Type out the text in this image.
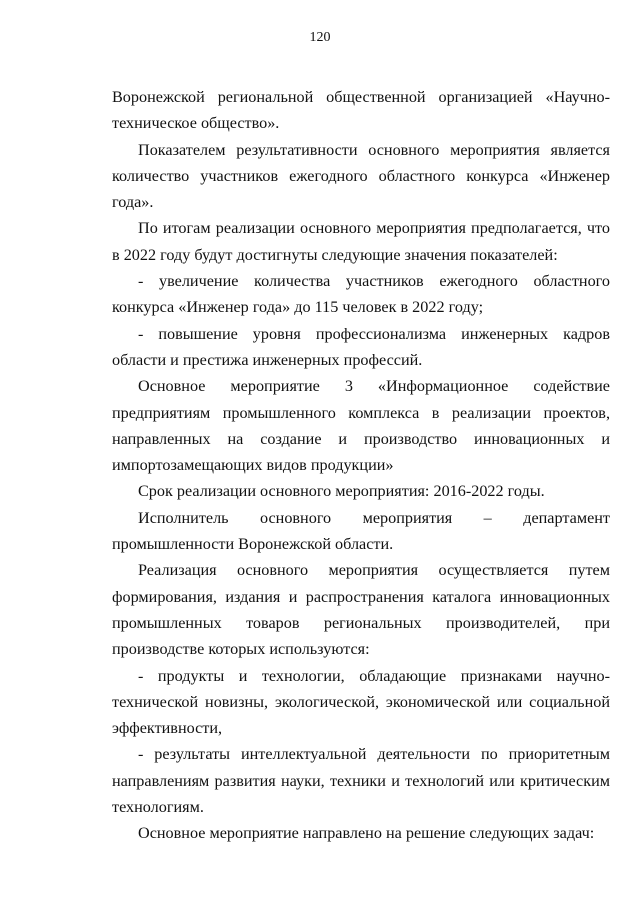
120

Воронежской региональной общественной организацией «Научно-техническое общество».

Показателем результативности основного мероприятия является количество участников ежегодного областного конкурса «Инженер года».

По итогам реализации основного мероприятия предполагается, что в 2022 году будут достигнуты следующие значения показателей:

- увеличение количества участников ежегодного областного конкурса «Инженер года» до 115 человек в 2022 году;

- повышение уровня профессионализма инженерных кадров области и престижа инженерных профессий.

Основное мероприятие 3 «Информационное содействие предприятиям промышленного комплекса в реализации проектов, направленных на создание и производство инновационных и импортозамещающих видов продукции»

Срок реализации основного мероприятия: 2016-2022 годы.

Исполнитель основного мероприятия – департамент промышленности Воронежской области.

Реализация основного мероприятия осуществляется путем формирования, издания и распространения каталога инновационных промышленных товаров региональных производителей, при производстве которых используются:

- продукты и технологии, обладающие признаками научно-технической новизны, экологической, экономической или социальной эффективности,

- результаты интеллектуальной деятельности по приоритетным направлениям развития науки, техники и технологий или критическим технологиям.

Основное мероприятие направлено на решение следующих задач:
